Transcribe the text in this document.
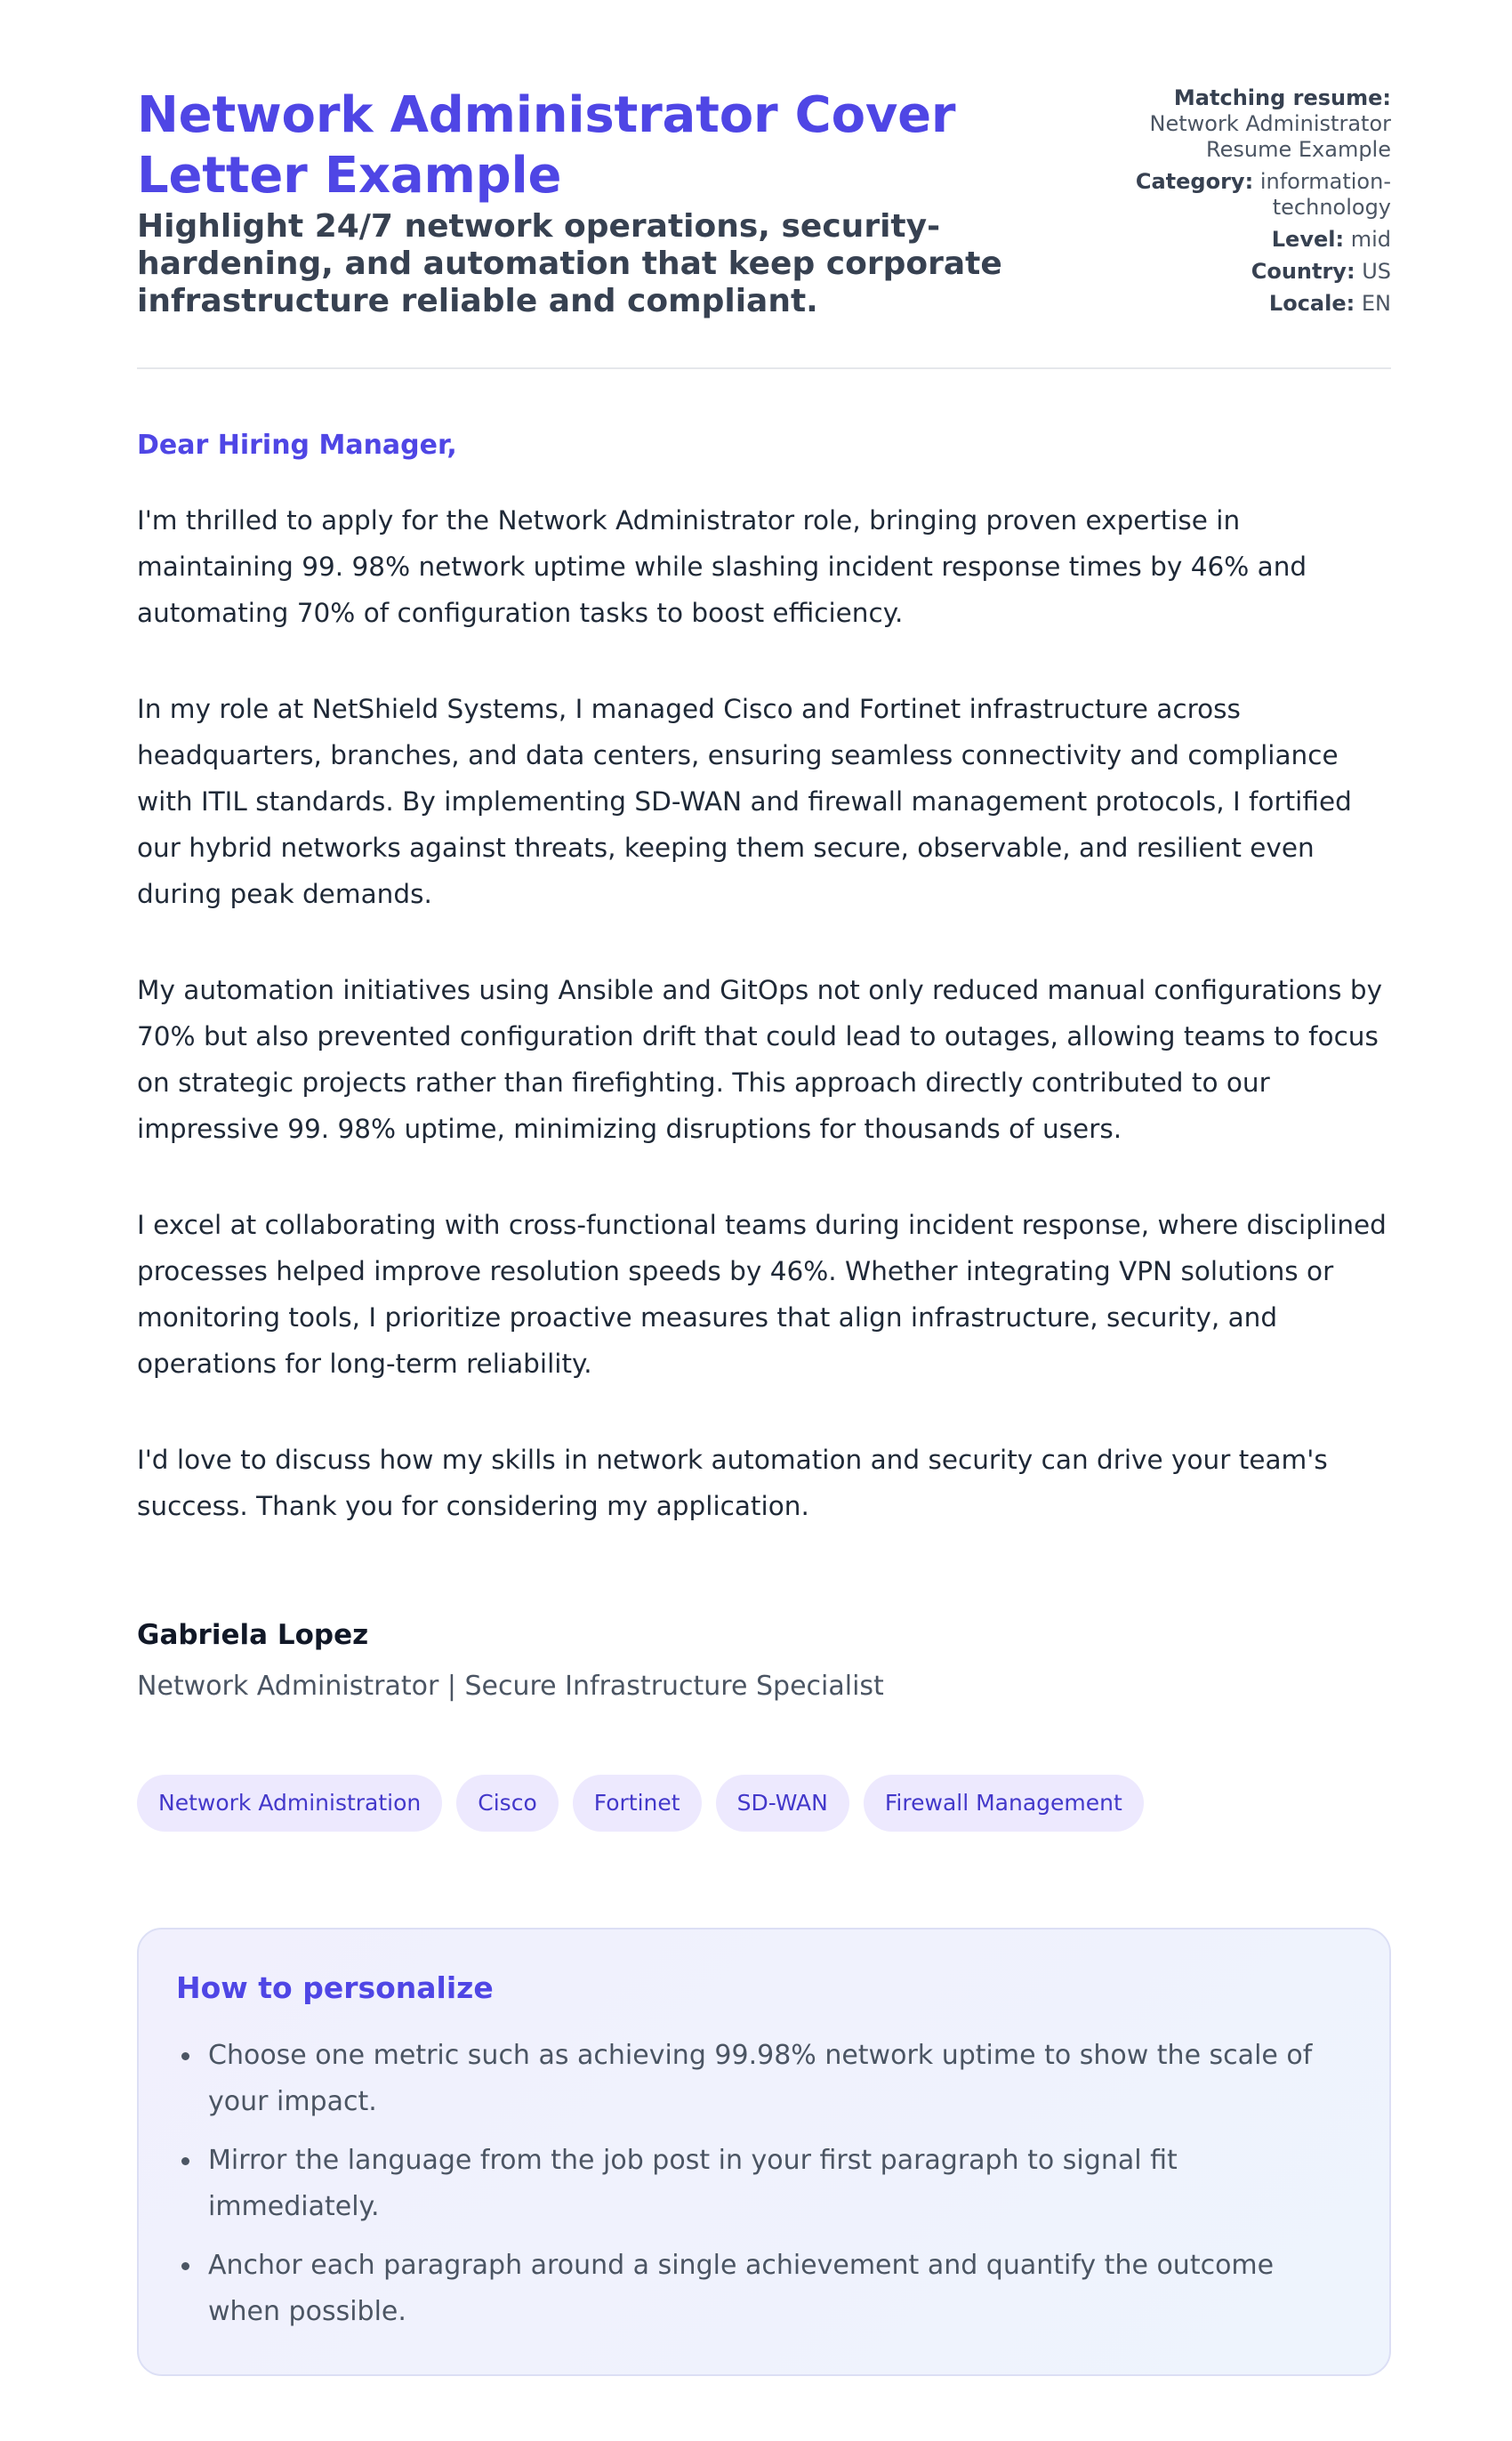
Network Administrator Cover Letter Example
Highlight 24/7 network operations, security-hardening, and automation that keep corporate infrastructure reliable and compliant.
Matching resume:
Network Administrator Resume Example
Category: information-technology
Level: mid
Country: US
Locale: EN
Dear Hiring Manager,

I'm thrilled to apply for the Network Administrator role, bringing proven expertise in maintaining 99. 98% network uptime while slashing incident response times by 46% and automating 70% of configuration tasks to boost efficiency.

In my role at NetShield Systems, I managed Cisco and Fortinet infrastructure across headquarters, branches, and data centers, ensuring seamless connectivity and compliance with ITIL standards. By implementing SD-WAN and firewall management protocols, I fortified our hybrid networks against threats, keeping them secure, observable, and resilient even during peak demands.

My automation initiatives using Ansible and GitOps not only reduced manual configurations by 70% but also prevented configuration drift that could lead to outages, allowing teams to focus on strategic projects rather than firefighting. This approach directly contributed to our impressive 99. 98% uptime, minimizing disruptions for thousands of users.

I excel at collaborating with cross-functional teams during incident response, where disciplined processes helped improve resolution speeds by 46%. Whether integrating VPN solutions or monitoring tools, I prioritize proactive measures that align infrastructure, security, and operations for long-term reliability.

I'd love to discuss how my skills in network automation and security can drive your team's success. Thank you for considering my application.

Gabriela Lopez
Network Administrator | Secure Infrastructure Specialist
Network Administration	Cisco	Fortinet	SD-WAN	Firewall Management
How to personalize
Choose one metric such as achieving 99.98% network uptime to show the scale of your impact.
Mirror the language from the job post in your first paragraph to signal fit immediately.
Anchor each paragraph around a single achievement and quantify the outcome when possible.
